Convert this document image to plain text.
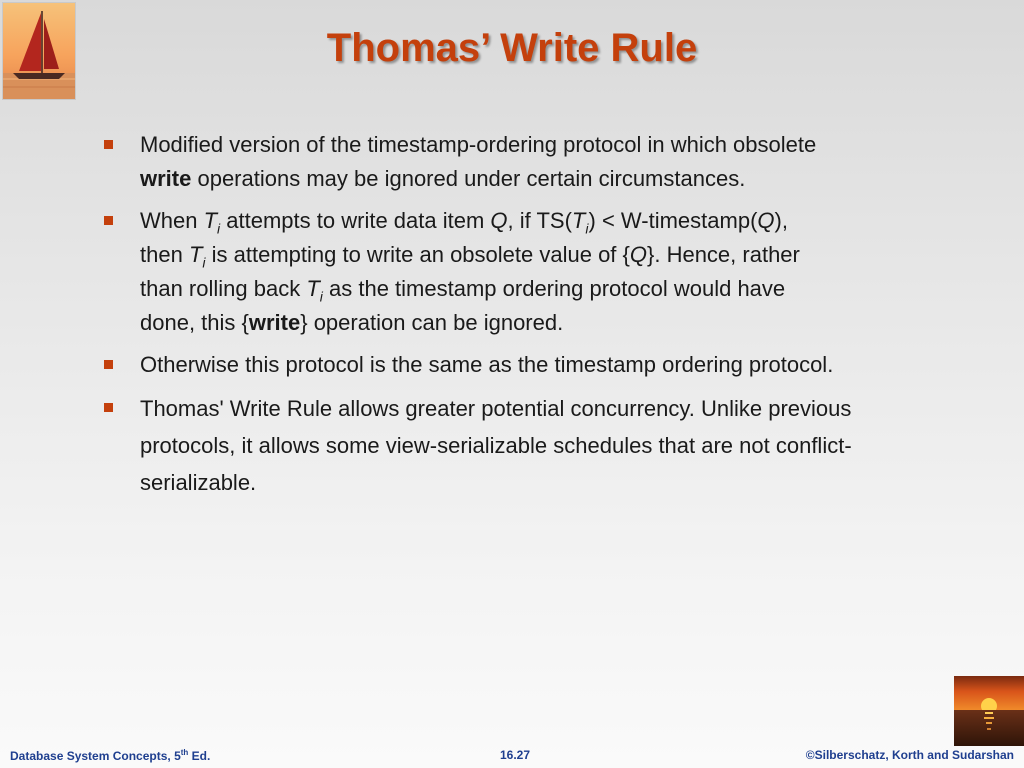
Thomas’ Write Rule
Modified version of the timestamp-ordering protocol in which obsolete
write operations may be ignored under certain circumstances.
When $T_i$ attempts to write data item Q, if $TS(T_i)$ < W-timestamp(Q),
then $T_i$ is attempting to write an obsolete value of {Q}. Hence, rather
than rolling back $T_i$ as the timestamp ordering protocol would have
done, this {write} operation can be ignored.
Otherwise this protocol is the same as the timestamp ordering protocol.
Thomas' Write Rule allows greater potential concurrency. Unlike previous protocols, it allows some view-serializable schedules that are not conflict-serializable.
Database System Concepts, 5th Ed.	16.27	©Silberschatz, Korth and Sudarshan
